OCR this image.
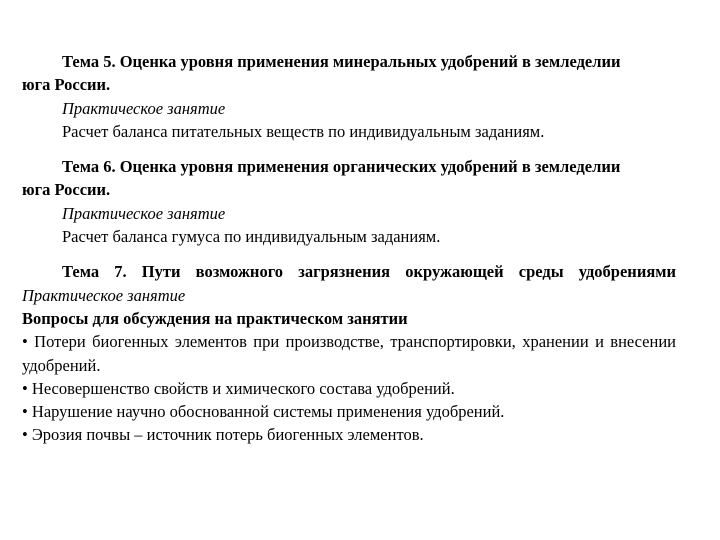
Тема 5. Оценка уровня применения минеральных удобрений в земледелии
юга России.
Практическое занятие
Расчет баланса питательных веществ по индивидуальным заданиям.
Тема 6. Оценка уровня применения органических удобрений в земледелии
юга России.
Практическое занятие
Расчет баланса гумуса по индивидуальным заданиям.
Тема 7. Пути возможного загрязнения окружающей среды удобрениями
Практическое занятие
Вопросы для обсуждения на практическом занятии
• Потери биогенных элементов при производстве, транспортировки, хранении и внесении удобрений.
• Несовершенство свойств и химического состава удобрений.
• Нарушение научно обоснованной системы применения удобрений.
• Эрозия почвы – источник потерь биогенных элементов.
